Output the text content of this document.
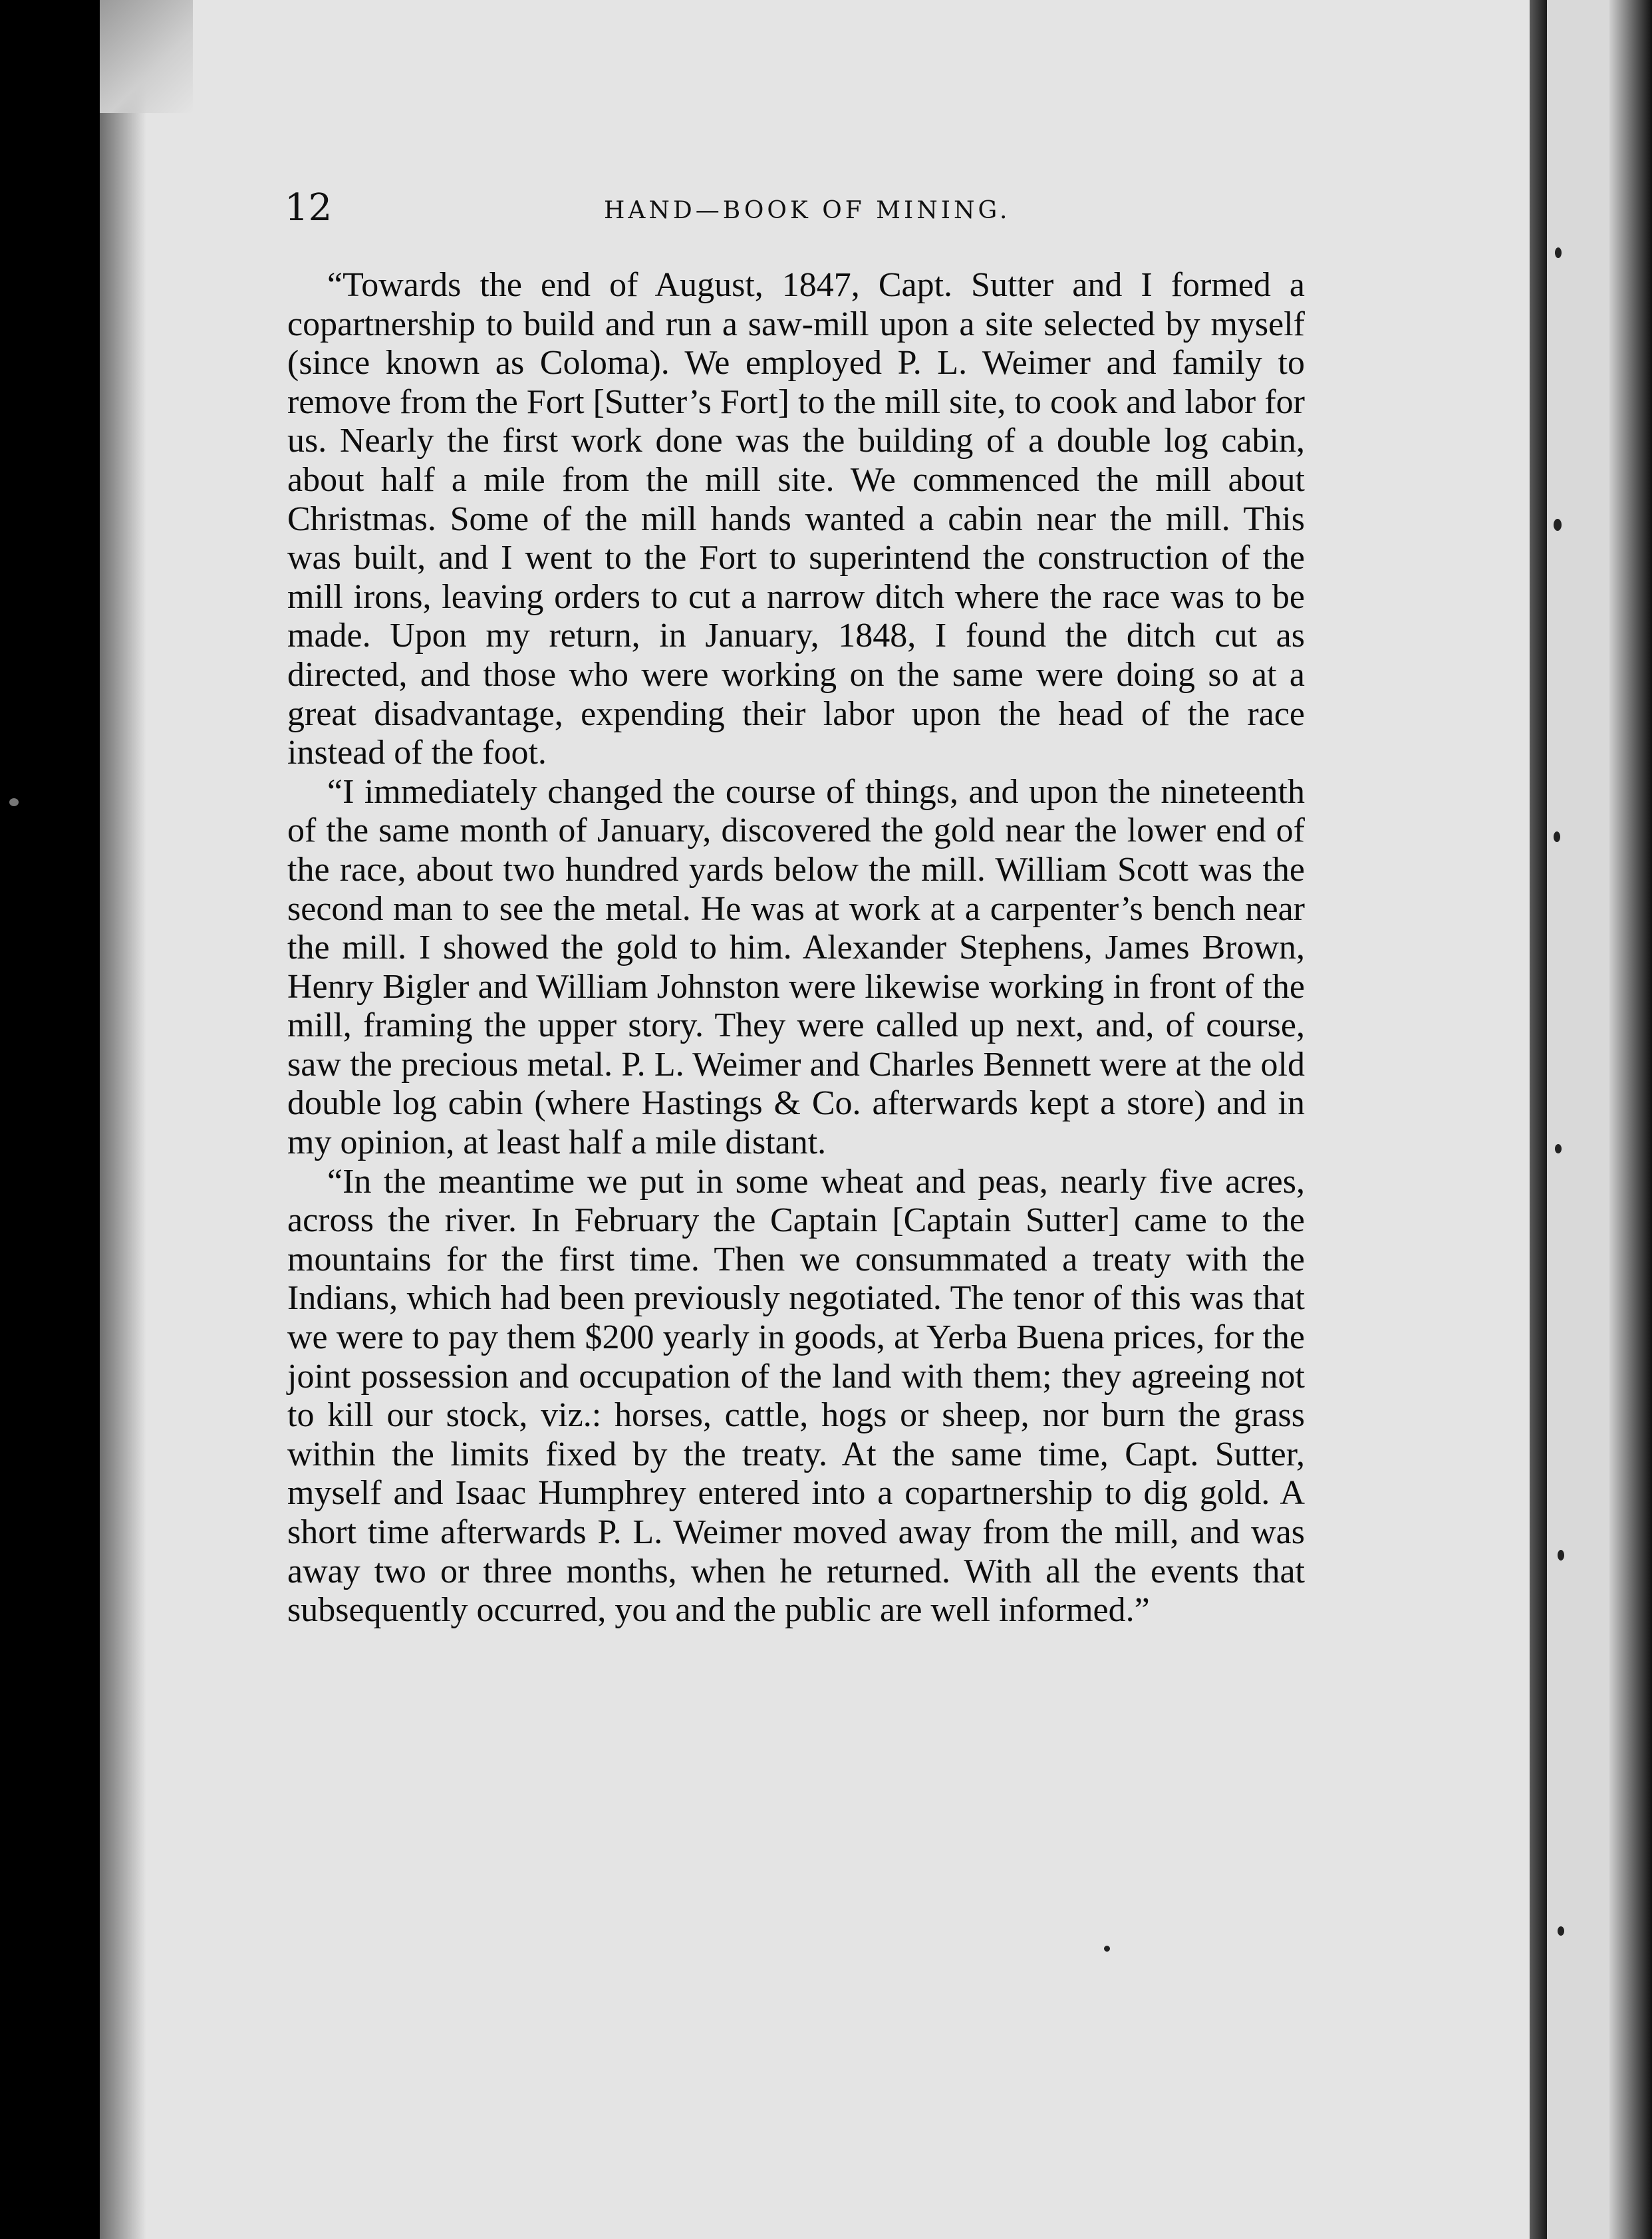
12	HAND—BOOK OF MINING.

“Towards the end of August, 1847, Capt. Sutter and I formed a copartnership to build and run a saw-mill upon a site selected by myself (since known as Coloma). We employed P. L. Weimer and family to remove from the Fort [Sutter’s Fort] to the mill site, to cook and labor for us. Nearly the first work done was the building of a double log cabin, about half a mile from the mill site. We commenced the mill about Christmas. Some of the mill hands wanted a cabin near the mill. This was built, and I went to the Fort to superintend the construction of the mill irons, leaving orders to cut a narrow ditch where the race was to be made. Upon my return, in January, 1848, I found the ditch cut as directed, and those who were working on the same were doing so at a great disadvantage, expending their labor upon the head of the race instead of the foot.

“I immediately changed the course of things, and upon the nineteenth of the same month of January, discovered the gold near the lower end of the race, about two hundred yards below the mill. William Scott was the second man to see the metal. He was at work at a carpenter’s bench near the mill. I showed the gold to him. Alexander Stephens, James Brown, Henry Bigler and William Johnston were likewise working in front of the mill, framing the upper story. They were called up next, and, of course, saw the precious metal. P. L. Weimer and Charles Bennett were at the old double log cabin (where Hastings & Co. afterwards kept a store) and in my opinion, at least half a mile distant.

“In the meantime we put in some wheat and peas, nearly five acres, across the river. In February the Captain [Captain Sutter] came to the mountains for the first time. Then we consummated a treaty with the Indians, which had been previously negotiated. The tenor of this was that we were to pay them $200 yearly in goods, at Yerba Buena prices, for the joint possession and occupation of the land with them; they agreeing not to kill our stock, viz.: horses, cattle, hogs or sheep, nor burn the grass within the limits fixed by the treaty. At the same time, Capt. Sutter, myself and Isaac Humphrey entered into a copartnership to dig gold. A short time afterwards P. L. Weimer moved away from the mill, and was away two or three months, when he returned. With all the events that subsequently occurred, you and the public are well informed.”
